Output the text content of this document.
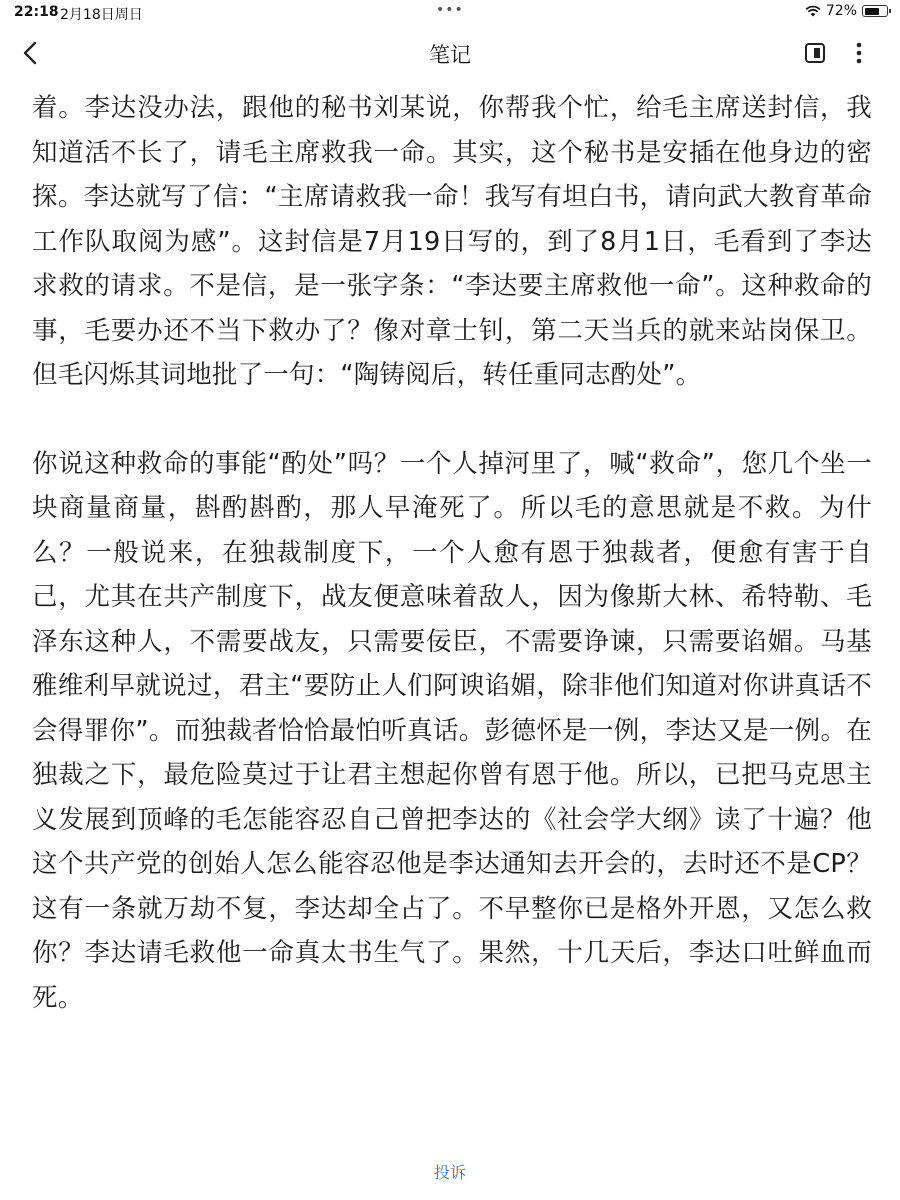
22:18 2月18日周日	•••	72%
笔记

着。李达没办法，跟他的秘书刘某说，你帮我个忙，给毛主席送封信，我知道活不长了，请毛主席救我一命。其实，这个秘书是安插在他身边的密探。李达就写了信：“主席请救我一命！我写有坦白书，请向武大教育革命工作队取阅为感”。这封信是7月19日写的，到了8月1日，毛看到了李达求救的请求。不是信，是一张字条：“李达要主席救他一命”。这种救命的事，毛要办还不当下救办了？像对章士钊，第二天当兵的就来站岗保卫。但毛闪烁其词地批了一句：“陶铸阅后，转任重同志酌处”。

你说这种救命的事能“酌处”吗？一个人掉河里了，喊“救命”，您几个坐一块商量商量，斟酌斟酌，那人早淹死了。所以毛的意思就是不救。为什么？一般说来，在独裁制度下，一个人愈有恩于独裁者，便愈有害于自己，尤其在共产制度下，战友便意味着敌人，因为像斯大林、希特勒、毛泽东这种人，不需要战友，只需要佞臣，不需要诤谏，只需要谄媚。马基雅维利早就说过，君主“要防止人们阿谀谄媚，除非他们知道对你讲真话不会得罪你”。而独裁者恰恰最怕听真话。彭德怀是一例，李达又是一例。在独裁之下，最危险莫过于让君主想起你曾有恩于他。所以，已把马克思主义发展到顶峰的毛怎能容忍自己曾把李达的《社会学大纲》读了十遍？他这个共产党的创始人怎么能容忍他是李达通知去开会的，去时还不是CP？这有一条就万劫不复，李达却全占了。不早整你已是格外开恩，又怎么救你？李达请毛救他一命真太书生气了。果然，十几天后，李达口吐鲜血而死。

投诉
